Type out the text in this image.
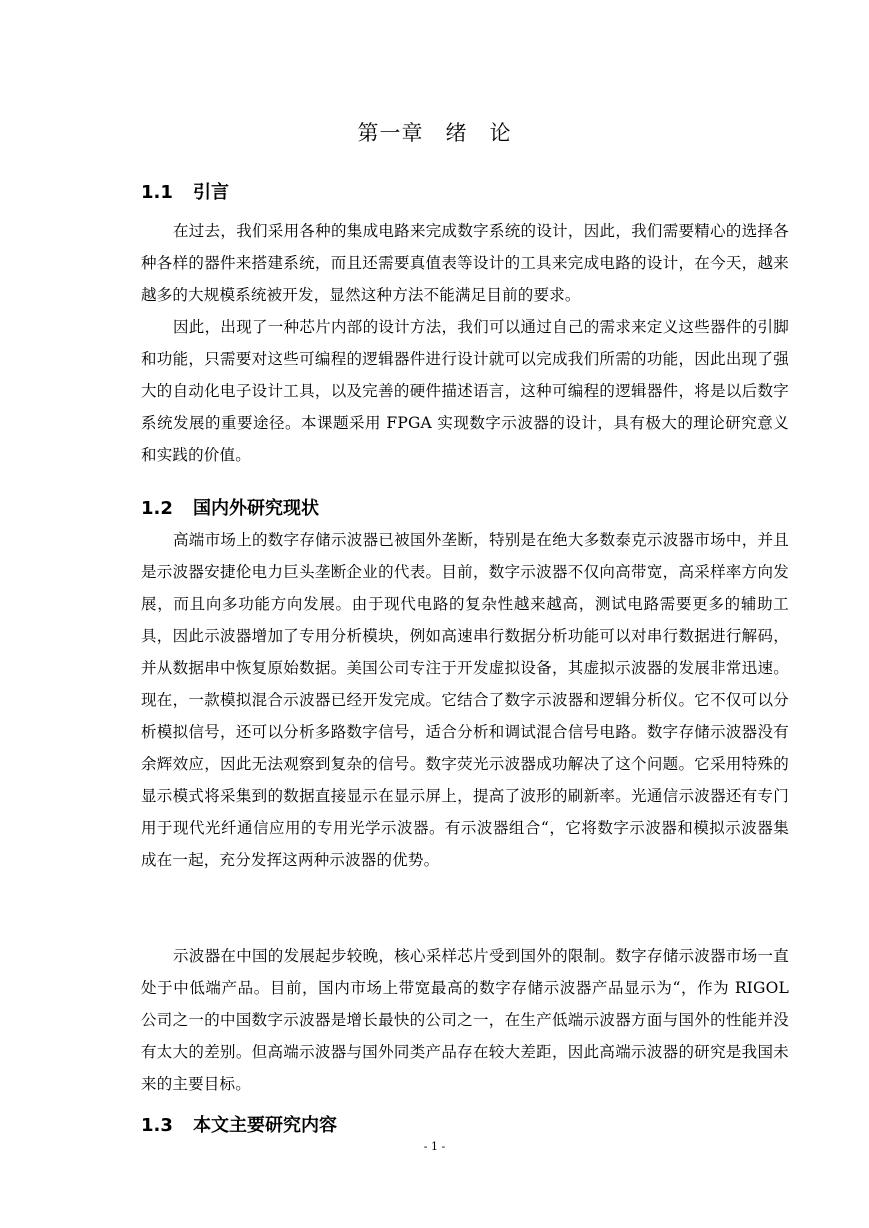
第一章　绪　论
1.1 引言

在过去，我们采用各种的集成电路来完成数字系统的设计，因此，我们需要精心的选择各种各样的器件来搭建系统，而且还需要真值表等设计的工具来完成电路的设计，在今天，越来越多的大规模系统被开发，显然这种方法不能满足目前的要求。

因此，出现了一种芯片内部的设计方法，我们可以通过自己的需求来定义这些器件的引脚和功能，只需要对这些可编程的逻辑器件进行设计就可以完成我们所需的功能，因此出现了强大的自动化电子设计工具，以及完善的硬件描述语言，这种可编程的逻辑器件，将是以后数字系统发展的重要途径。本课题采用 FPGA 实现数字示波器的设计，具有极大的理论研究意义和实践的价值。

1.2 国内外研究现状

高端市场上的数字存储示波器已被国外垄断，特别是在绝大多数泰克示波器市场中，并且是示波器安捷伦电力巨头垄断企业的代表。目前，数字示波器不仅向高带宽，高采样率方向发展，而且向多功能方向发展。由于现代电路的复杂性越来越高，测试电路需要更多的辅助工具，因此示波器增加了专用分析模块，例如高速串行数据分析功能可以对串行数据进行解码，并从数据串中恢复原始数据。美国公司专注于开发虚拟设备，其虚拟示波器的发展非常迅速。现在，一款模拟混合示波器已经开发完成。它结合了数字示波器和逻辑分析仪。它不仅可以分析模拟信号，还可以分析多路数字信号，适合分析和调试混合信号电路。数字存储示波器没有余辉效应，因此无法观察到复杂的信号。数字荧光示波器成功解决了这个问题。它采用特殊的显示模式将采集到的数据直接显示在显示屏上，提高了波形的刷新率。光通信示波器还有专门用于现代光纤通信应用的专用光学示波器。有示波器组合“，它将数字示波器和模拟示波器集成在一起，充分发挥这两种示波器的优势。

示波器在中国的发展起步较晚，核心采样芯片受到国外的限制。数字存储示波器市场一直处于中低端产品。目前，国内市场上带宽最高的数字存储示波器产品显示为“，作为 RIGOL 公司之一的中国数字示波器是增长最快的公司之一，在生产低端示波器方面与国外的性能并没有太大的差别。但高端示波器与国外同类产品存在较大差距，因此高端示波器的研究是我国未来的主要目标。

1.3 本文主要研究内容
- 1 -
